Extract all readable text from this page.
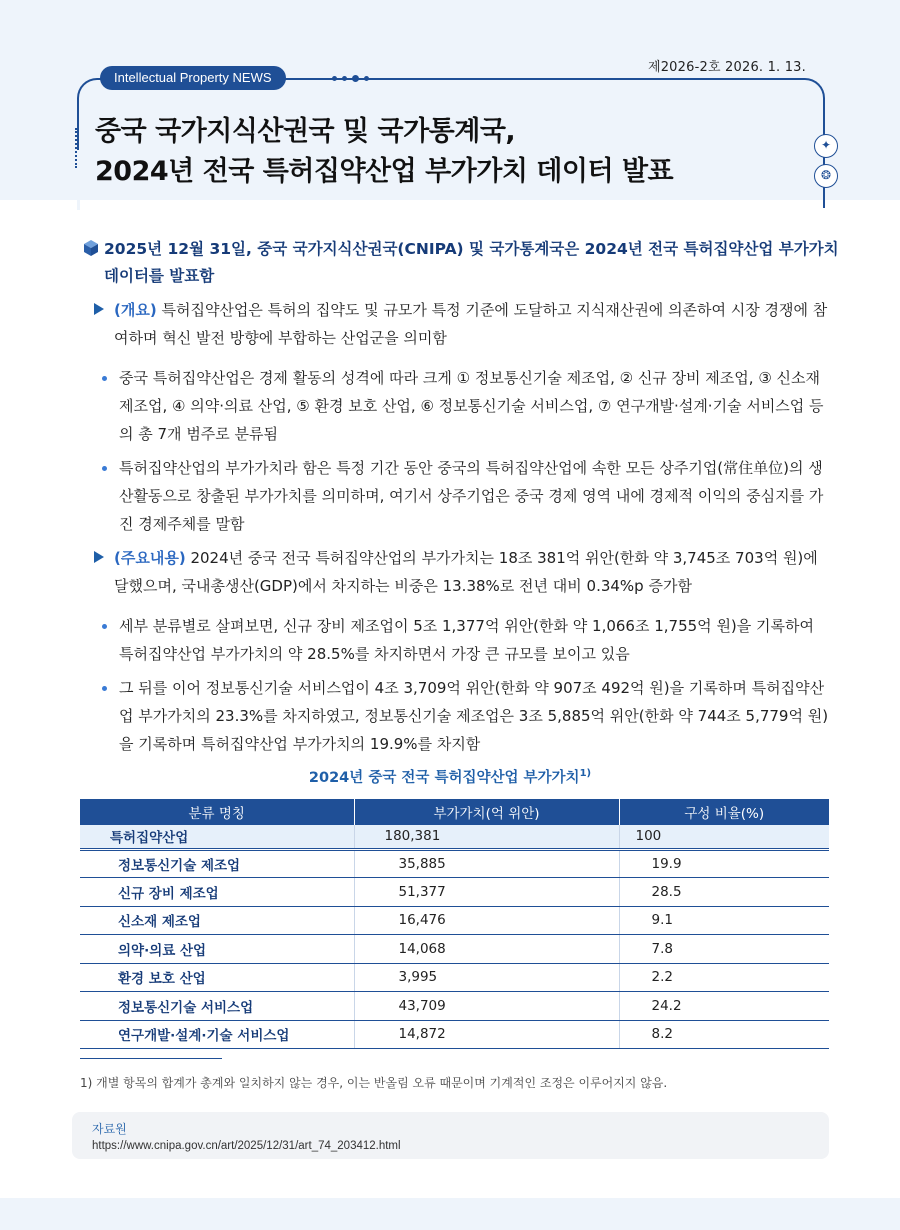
Intellectual Property NEWS
제2026-2호 2026. 1. 13.
✦
❂
중국 국가지식산권국 및 국가통계국,
2024년 전국 특허집약산업 부가가치 데이터 발표
2025년 12월 31일, 중국 국가지식산권국(CNIPA) 및 국가통계국은 2024년 전국 특허집약산업 부가가치 데이터를 발표함
(개요) 특허집약산업은 특허의 집약도 및 규모가 특정 기준에 도달하고 지식재산권에 의존하여 시장 경쟁에 참여하며 혁신 발전 방향에 부합하는 산업군을 의미함
중국 특허집약산업은 경제 활동의 성격에 따라 크게 ① 정보통신기술 제조업, ② 신규 장비 제조업, ③ 신소재 제조업, ④ 의약·의료 산업, ⑤ 환경 보호 산업, ⑥ 정보통신기술 서비스업, ⑦ 연구개발·설계·기술 서비스업 등의 총 7개 범주로 분류됨
특허집약산업의 부가가치라 함은 특정 기간 동안 중국의 특허집약산업에 속한 모든 상주기업(常住单位)의 생산활동으로 창출된 부가가치를 의미하며, 여기서 상주기업은 중국 경제 영역 내에 경제적 이익의 중심지를 가진 경제주체를 말함
(주요내용) 2024년 중국 전국 특허집약산업의 부가가치는 18조 381억 위안(한화 약 3,745조 703억 원)에 달했으며, 국내총생산(GDP)에서 차지하는 비중은 13.38%로 전년 대비 0.34%p 증가함
세부 분류별로 살펴보면, 신규 장비 제조업이 5조 1,377억 위안(한화 약 1,066조 1,755억 원)을 기록하여 특허집약산업 부가가치의 약 28.5%를 차지하면서 가장 큰 규모를 보이고 있음
그 뒤를 이어 정보통신기술 서비스업이 4조 3,709억 위안(한화 약 907조 492억 원)을 기록하며 특허집약산업 부가가치의 23.3%를 차지하였고, 정보통신기술 제조업은 3조 5,885억 위안(한화 약 744조 5,779억 원)을 기록하며 특허집약산업 부가가치의 19.9%를 차지함
2024년 중국 전국 특허집약산업 부가가치$^{1)}$
분류 명칭	부가가치(억 위안)	구성 비율(%)
특허집약산업	180,381	100
정보통신기술 제조업	35,885	19.9
신규 장비 제조업	51,377	28.5
신소재 제조업	16,476	9.1
의약·의료 산업	14,068	7.8
환경 보호 산업	3,995	2.2
정보통신기술 서비스업	43,709	24.2
연구개발·설계·기술 서비스업	14,872	8.2
1) 개별 항목의 합계가 총계와 일치하지 않는 경우, 이는 반올림 오류 때문이며 기계적인 조정은 이루어지지 않음.
자료원
https://www.cnipa.gov.cn/art/2025/12/31/art_74_203412.html
